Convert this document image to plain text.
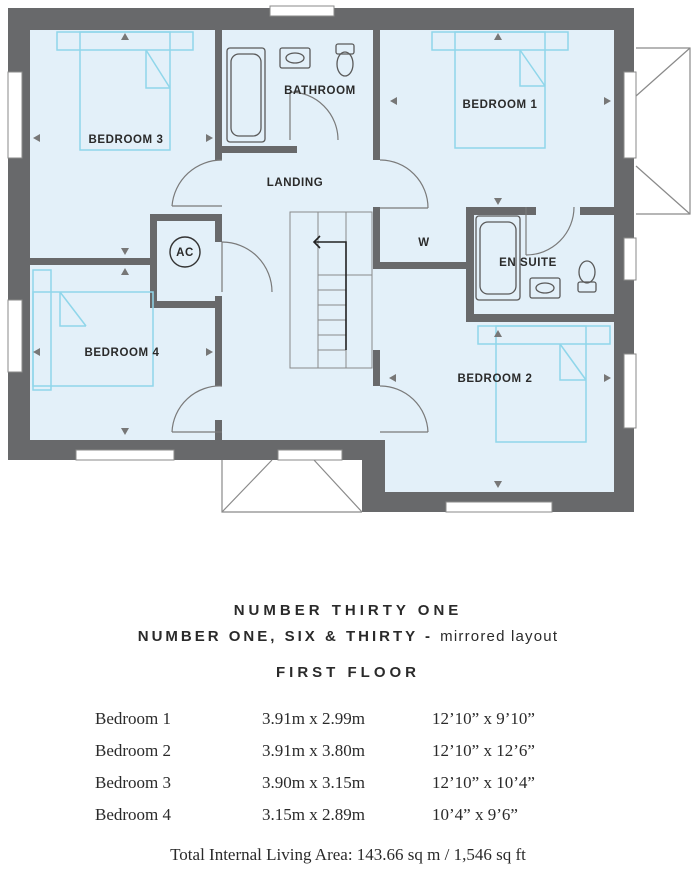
BEDROOM 3
BATHROOM
BEDROOM 1
LANDING
AC
W
EN SUITE
BEDROOM 4
BEDROOM 2
NUMBER THIRTY ONE
NUMBER ONE, SIX & THIRTY - mirrored layout
FIRST FLOOR
Bedroom 1	3.91m x 2.99m	12’10” x 9’10”
Bedroom 2	3.91m x 3.80m	12’10” x 12’6”
Bedroom 3	3.90m x 3.15m	12’10” x 10’4”
Bedroom 4	3.15m x 2.89m	10’4” x 9’6”
Total Internal Living Area: 143.66 sq m / 1,546 sq ft
